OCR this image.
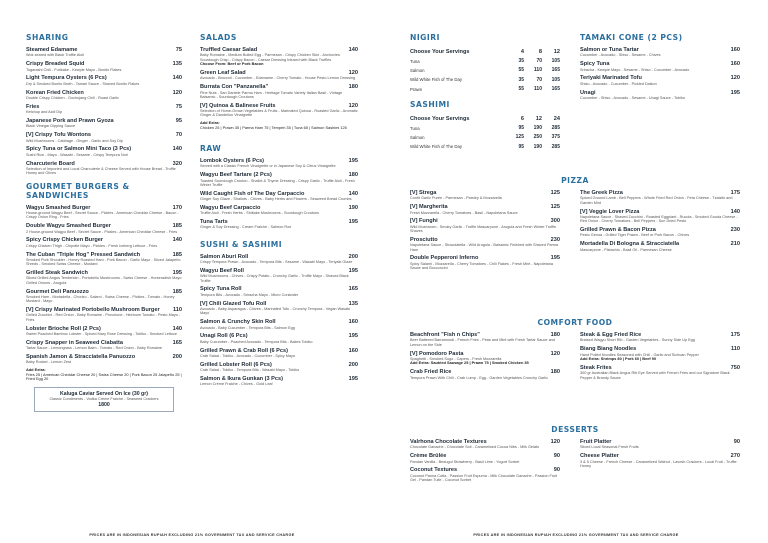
SHARING
Steamed Edamame	75
Wok seared with Black Truffle Aioli
Crispy Breaded Squid	135
Togarashi Chili - Furikake - Kewpie Mayo - Bonito Flakes
Light Tempura Oysters (6 Pcs)	140
Dry & Smoked Bonito Broth - Tamari Sauce - Shaved Bonito Flakes
Korean Fried Chicken	120
Double Crispy Chicken - Gochujang Chili - Roast Garlic
Fries	75
Ketchup and Aioli Dip
Japanese Pork and Prawn Gyoza	95
Black Vinegar Dipping Sauce
[V] Crispy Tofu Wontons	70
Wild Mushrooms - Cabbage - Ginger - Garlic and Soy Dip
Spicy Tuna or Salmon Mini Taco (3 Pcs)	140
Sushi Rice - Mayo - Wasabi - Sesame - Crispy Tempura Nori
Charcuterie Board	320
Selection of Imported and Local Charcuterie & Cheese Served with House Bread - Truffle Honey and Olives
GOURMET BURGERS & SANDWICHES
Wagyu Smashed Burger	170
House-ground Wagyu Beef - Secret Sauce - Pickles - American Cheddar Cheese - Bacon - Crispy Onion Ring - Fries
Double Wagyu Smashed Burger	185
2 House-ground Wagyu Beef - Secret Sauce - Pickles - American Cheddar Cheese - Fries
Spicy Crispy Chicken Burger	140
Crispy Chicken Thigh - Chipotle Mayo - Pickles - Fresh Iceberg Lettuce - Fries
The Cuban "Triple Hog" Pressed Sandwich	185
Smoked Pork Shoulder - Honey Roasted Ham - Pork Bacon - Garlic Mayo - Sliced Jalapeño Shreds - Smoked Swiss Cheese - Mustard
Grilled Steak Sandwich	195
Sliced Grilled Angus Tenderloin - Portobello Mushrooms - Swiss Cheese - Horseradish Mayo Grilled Onions - Arugula
Gourmet Deli Panuozzo	185
Smoked Ham - Mortadella - Chorizo - Salami - Swiss Cheese - Pickles - Tomato - Honey Mustard - Mayo
[V] Crispy Marinated Portobello Mushroom Burger 110
Grilled Zucchini - Red Onion - Baby Romaine - Provolone - Heirloom Tomato - Pesto Mayo - Fries
Lobster Brioche Roll (2 Pcs)	140
Sweet Poached Bamboo Lobster - Spiced Mary Rose Dressing - Tobiko - Smoked Lettuce
Crispy Snapper in Seaweed Ciabatta	165
Tartar Sauce - Lemongrass - Lemon Balm - Tomato - Red Onion - Baby Romaine
Spanish Jamon & Stracciatella Panuozzo	200
Baby Rocket - Lemon Zest
Add Extra:
Fries 25 | American Cheddar Cheese 20 | Swiss Cheese 20 | Pork Bacon 25 Jalapeño 25 | Fried Egg 20
Kaluga Caviar Served On Ice (30 gr)
Classic Condiments - Vodka Crème Fraiche - Seaweed Crackers
1800
SALADS
Truffled Caesar Salad	140
Baby Romaine - Medium Boiled Egg - Parmesan - Crispy Chicken Skin - Anchovies Sourdough Crisp - Crispy Bacon - Caesar Dressing Infused with Black Truffles
Choose From: Beef or Pork Bacon
Green Leaf Salad	120
Avocado - Broccoli - Cucumber - Edamame - Cherry Tomato - House Pesto Lemon Dressing
Burrata Con "Panzanella"	180
Pine Nuts - San Daniele Parma Ham - Heritage Tomato Variety Italian Basil - Vintage Balsamic - Sourdough Croutons
[V] Quinoa & Balinese Fruits	120
Selection of Home-Grown Vegetables & Fruits - Marinated Quinoa - Roasted Garlic - Aromatic Ginger & Dandelion Vinaigrette
Add Extra:
Chicken 25 | Prawn 35 | Parma Ham 75 | Tempeh 35 | Tuna 65 | Salmon Sashimi 125
RAW
Lombok Oysters (6 Pcs)	195
Served with a Classic French Vinaigrette or in Japanese Soy & Citrus Vinaigrette
Wagyu Beef Tartare (2 Pcs)	180
Toasted Sourdough Crouton - Shallot & Thyme Dressing - Crispy Garlic - Truffle Aioli - Fresh Winter Truffle
Wild Caught Fish of The Day Carpaccio	140
Ginger Soy Glaze - Shallots - Chives - Baby Herbs and Flowers - Seaweed Bread Crumbs
Wagyu Beef Carpaccio	190
Truffle Aioli - Fresh Herbs - Shiitake Mushrooms - Sourdough Croutons
Tuna Tarts	195
Ginger & Soy Dressing - Cream Fraiche - Salmon Roe
SUSHI & SASHIMI
Salmon Aburi Roll	200
Crispy Tempura Prawn - Avocado - Tempura Bits - Sesame - Wasabi Mayo - Teriyaki Glaze
Wagyu Beef Roll	195
Wild Mushrooms - Chives - Crispy Potato - Crunchy Garlic - Truffle Mayo - Shaved Black Truffle
Spicy Tuna Roll	165
Tempura Bits - Avocado - Sriracha Mayo - Micro Coriander
[V] Chili Glazed Tofu Roll	135
Avocado - Baby Asparagus - Chives - Marinated Tofu - Crunchy Tempura - Vegan Wasabi Mayo
Salmon & Crunchy Skin Roll	160
Avocado - Baby Cucumber - Tempura Bits - Salmon Egg
Unagi Roll (6 Pcs)	195
Baby Cucumber - Poached Avocado - Tempura Bits - Bakes Tobiko
Grilled Prawn & Crab Roll (6 Pcs)	160
Crab Salad - Tobiko - Avocado - Cucumber - Spicy Mayo
Grilled Lobster Roll (6 Pcs)	200
Crab Salad - Tobiko - Tempura Bits - Wasabi Mayo - Tobiko
Salmon & Ikura Gunkan (3 Pcs)	195
Lemon Crème Fraiche - Chives - Gold Leaf
PRICES ARE IN INDONESIAN RUPIAH EXCLUDING 21% GOVERNMENT TAX AND SERVICE CHARGE
NIGIRI
Choose Your Servings	4	8	12
Tuna	35	70	105
Salmon	55	110	165
Wild White Fish of The Day	35	70	105
Prawn	55	110	165
SASHIMI
Choose Your Servings	6	12	24
Tuna	95	190	285
Salmon	125	250	375
Wild White Fish of The Day	95	190	285
TAMAKI CONE (2 PCS)
Salmon or Tuna Tartar	160
Cucumber - Avocado - Shiso - Sesame - Chives
Spicy Tuna	160
Sriracha - Kewpie Mayo - Sesame - Shiso - Cucumber - Avocado
Teriyaki Marinated Tofu	120
Shiso - Avocado - Cucumber - Pickled Daikon
Unagi	195
Cucumber - Shiso - Avocado - Sesame - Unagi Sauce - Tobiko
PIZZA
[V] Strega	125
Confit Garlic Purée - Parmesan - Parsley & Mozzarella
[V] Margherita	125
Fresh Mozzarella - Cherry Tomatoes - Basil - Napoletana Sauce
[V] Funghi	300
Wild Mushroom - Smoky Garlic - Truffle Mascarpone - Arugula and Fresh Winter Truffle Shaves
Prosciutto	230
Napoletana Sauce - Stracciatella - Wild Arugula - Balsamic Finished with Shaved Parma Ham
Double Pepperoni Inferno	195
Spicy Salami - Mozzarella - Cherry Tomatoes - Chili Flakes - Fresh Mint - Napoletana Sauce and Bocconcini
The Greek Pizza	175
Spiced Ground Lamb - Bell Peppers - Whole Fried Red Onion - Feta Cheese - Tzatziki and Garden Mint
[V] Veggie Lover Pizza	140
Napoletana Sauce - Shaved Zucchini - Roasted Eggplant - Rucola - Smoked Gouda Cheese - Red Onion - Cherry Tomatoes - Bell Peppers - Sun Dried Pesto
Grilled Prawn & Bacon Pizza	230
Pesto Genoa - Grilled Tiger Prawn - Beef or Pork Bacon - Chives
Mortadella Di Bologna & Stracciatella	210
Mascarpone - Pistachio - Basil Oil - Parmesan Cheese
COMFORT FOOD
Beachfront "Fish n Chips"	180
Beer Battered Barramundi - French Fries - Peas and Mint with Fresh Tartar Sauce and Lemon on the Side
[V] Pomodoro Pasta	120
Spaghetti - Smoked Sugo - Capers - Fresh Mozzarella
Add Extra: Sautéed Sausage 25 | Prawn 75 | Smoked Chicken 35
Crab Fried Rice	180
Tempura Prawn With Chili - Crab Lump - Egg - Garden Vegetables Crunchy Garlic
Steak & Egg Fried Rice	175
Braised Wagyu Short Rib - Garden Vegetables - Sunny Side Up Egg
Biang Biang Noodles	110
Hand Pulled Noodles Seasoned with Chili - Garlic and Sichuan Pepper
Add Extra: Shrimps 80 | Pork 60 | Beef 90
Steak Frites	750
300 gr Australian Black Angus Rib Eye Served with French Fries and our Signature Black Pepper & Brandy Sauce
DESSERTS
Valrhona Chocolate Textures	120
Chocolate Ganache - Chocolate Soil - Caramelised Cocoa Nibs - Milk Gelato
Crème Brûlée	90
Pandan Vanilla - Bedugul Strawberry - Basil Lime - Yogurt Sorbet
Coconut Textures	90
Coconut Panna Cotta - Passion Fruit Espuma - Milk Chocolate Ganache - Passion Fruit Gel - Pandan Tuile - Coconut Sorbet
Fruit Platter	90
Sliced Local Seasonal Fresh Fruits
Cheese Platter	270
3 & 5 Cheese - French Cheese - Caramelized Walnut - Lavosh Crackers - Local Fruit - Truffle Honey
PRICES ARE IN INDONESIAN RUPIAH EXCLUDING 21% GOVERNMENT TAX AND SERVICE CHARGE
